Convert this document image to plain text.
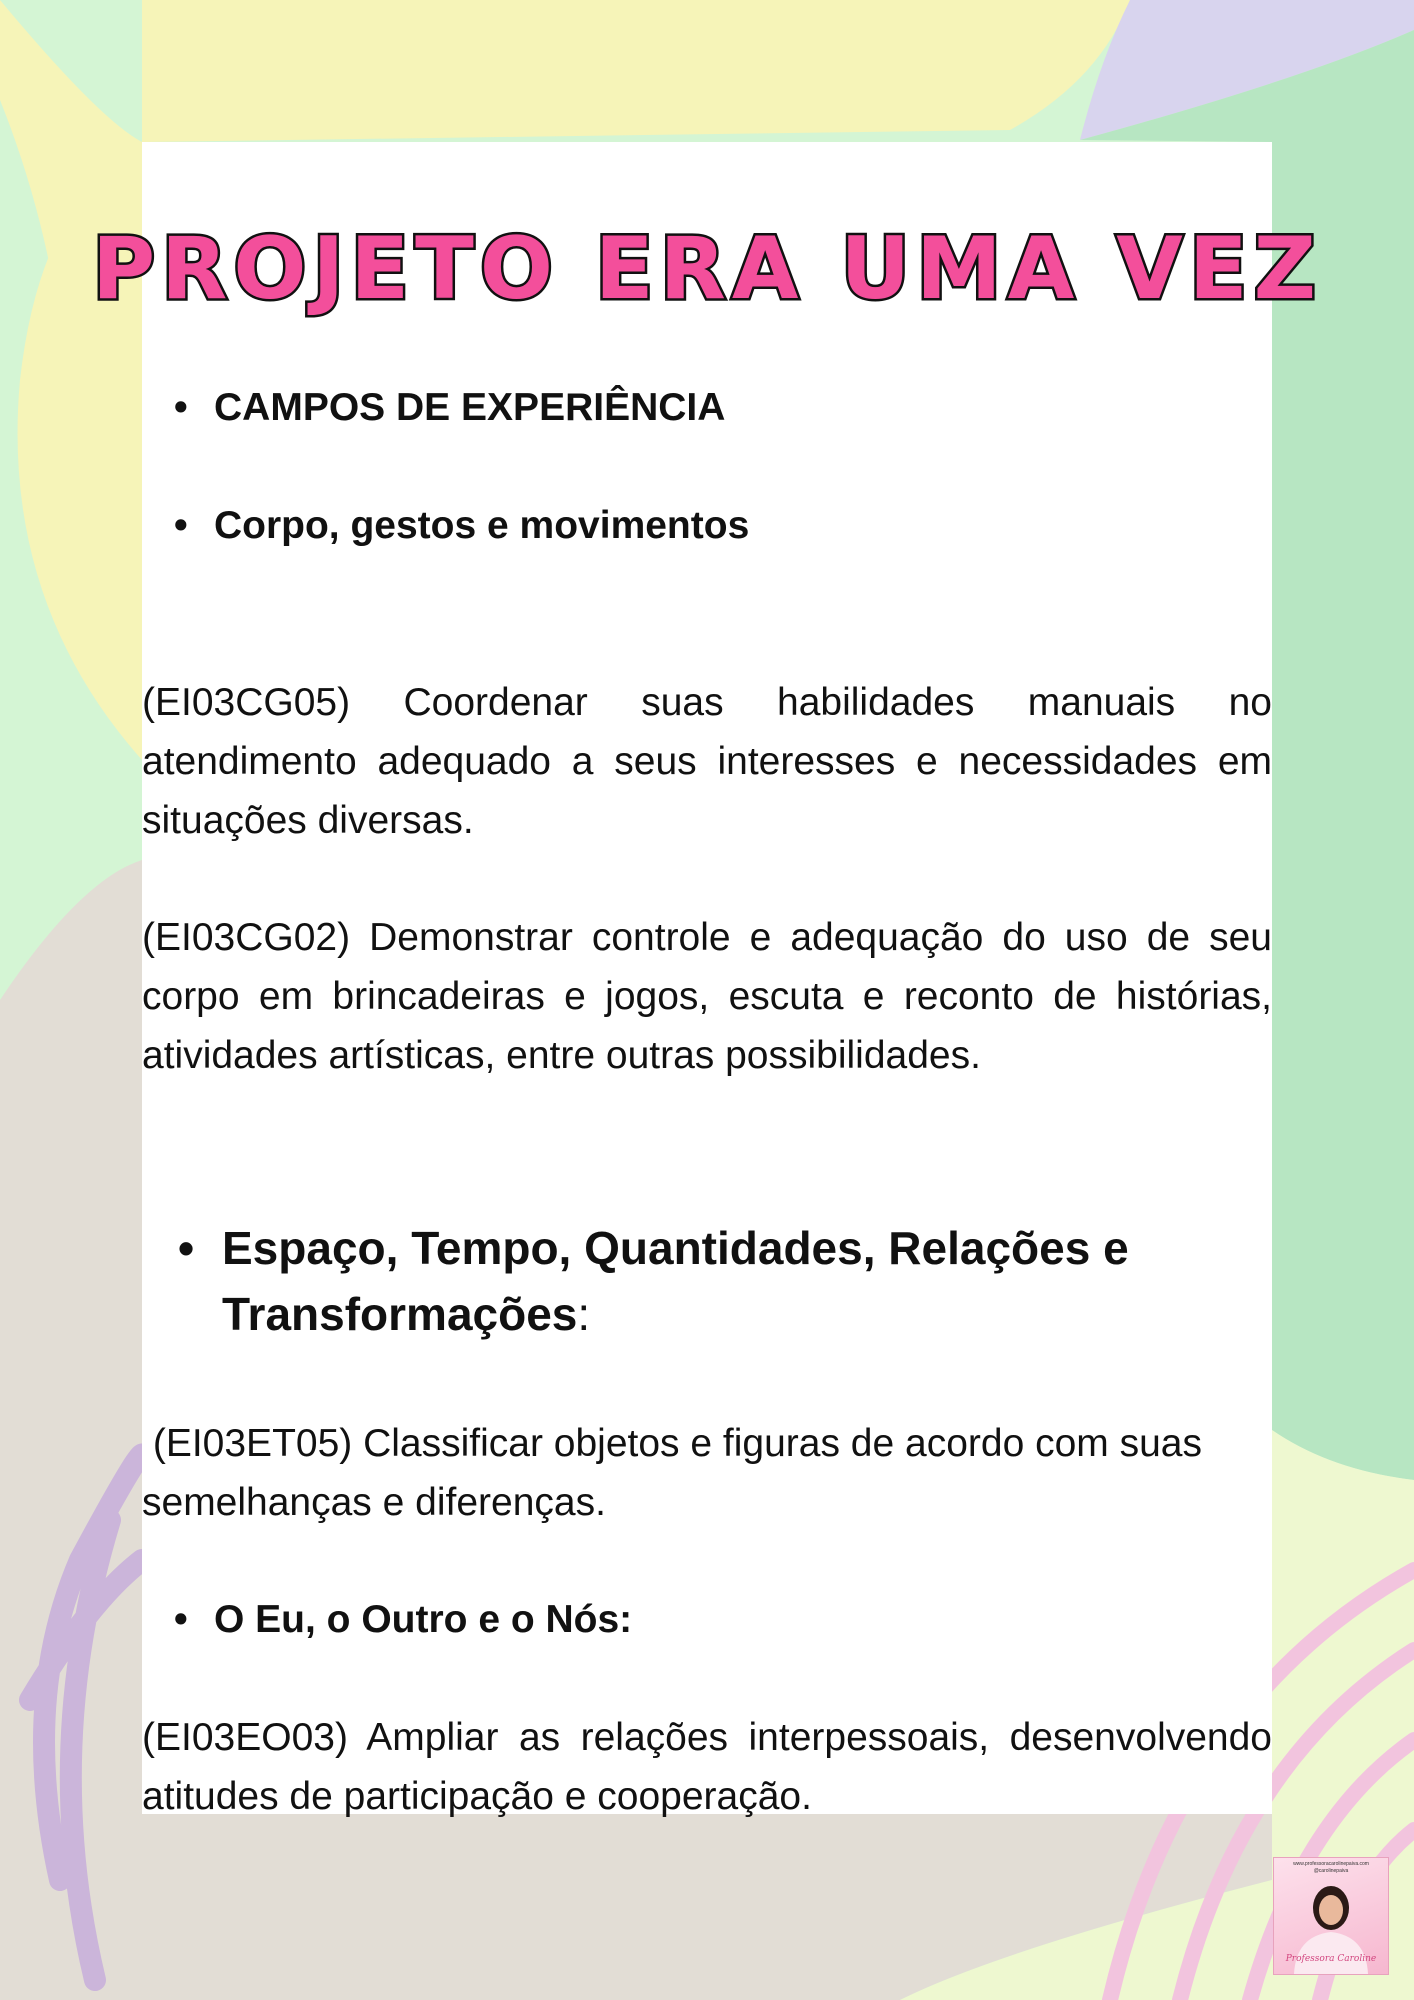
PROJETO ERA UMA VEZ
• CAMPOS DE EXPERIÊNCIA
• Corpo, gestos e movimentos
(EI03CG05) Coordenar suas habilidades manuais no atendimento adequado a seus interesses e necessidades em situações diversas.
(EI03CG02) Demonstrar controle e adequação do uso de seu corpo em brincadeiras e jogos, escuta e reconto de histórias, atividades artísticas, entre outras possibilidades.
• Espaço, Tempo, Quantidades, Relações e Transformações:
(EI03ET05) Classificar objetos e figuras de acordo com suas semelhanças e diferenças.
• O Eu, o Outro e o Nós:
(EI03EO03) Ampliar as relações interpessoais, desenvolvendo atitudes de participação e cooperação.
www.professoracarolinepaiva.com
@carolinepaiva
Professora Caroline
